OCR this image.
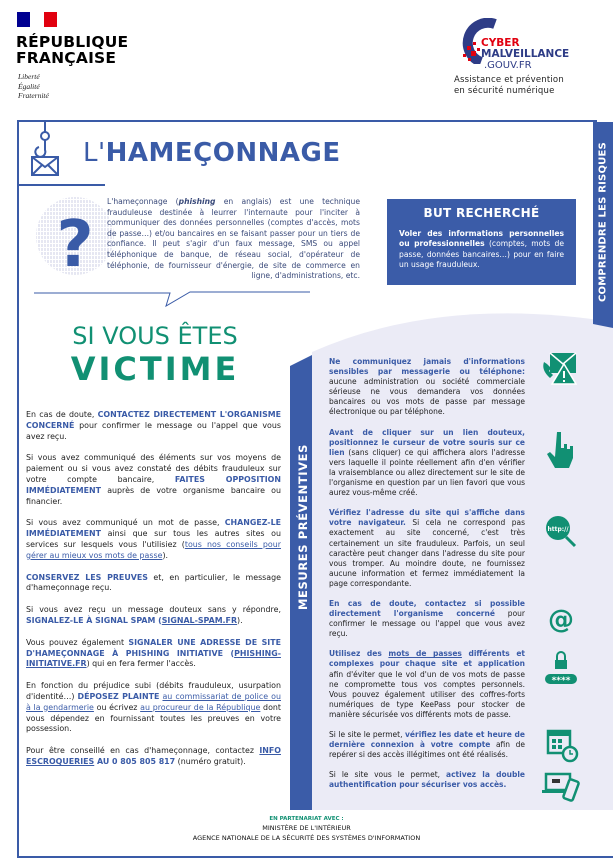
RÉPUBLIQUE
FRANÇAISE
Liberté
Égalité
Fraternité
CYBER
MALVEILLANCE
.GOUV.FR
Assistance et prévention
en sécurité numérique
L'HAMEÇONNAGE
?
L'hameçonnage (phishing en anglais) est une technique frauduleuse destinée à leurrer l'internaute pour l'inciter à communiquer des données personnelles (comptes d'accès, mots de passe…) et/ou bancaires en se faisant passer pour un tiers de confiance. Il peut s'agir d'un faux message, SMS ou appel téléphonique de banque, de réseau social, d'opérateur de téléphonie, de fournisseur d'énergie, de site de commerce en ligne, d'administrations, etc.
BUT RECHERCHÉ

Voler des informations personnelles ou professionnelles (comptes, mots de passe, données bancaires…) pour en faire un usage frauduleux.	COMPRENDRE LES RISQUES
MESURES PRÉVENTIVES
SI VOUS ÊTES
VICTIME

En cas de doute, CONTACTEZ DIRECTEMENT L'ORGANISME CONCERNÉ pour confirmer le message ou l'appel que vous avez reçu.

Si vous avez communiqué des éléments sur vos moyens de paiement ou si vous avez constaté des débits frauduleux sur votre compte bancaire, FAITES OPPOSITION IMMÉDIATEMENT auprès de votre organisme bancaire ou financier.

Si vous avez communiqué un mot de passe, CHANGEZ-LE IMMÉDIATEMENT ainsi que sur tous les autres sites ou services sur lesquels vous l'utilisiez (tous nos conseils pour gérer au mieux vos mots de passe).

CONSERVEZ LES PREUVES et, en particulier, le message d'hameçonnage reçu.

Si vous avez reçu un message douteux sans y répondre, SIGNALEZ-LE À SIGNAL SPAM (SIGNAL-SPAM.FR).

Vous pouvez également SIGNALER UNE ADRESSE DE SITE D'HAMEÇONNAGE À PHISHING INITIATIVE (PHISHING-INITIATIVE.FR) qui en fera fermer l'accès.

En fonction du préjudice subi (débits frauduleux, usurpation d'identité…) DÉPOSEZ PLAINTE au commissariat de police ou à la gendarmerie ou écrivez au procureur de la République dont vous dépendez en fournissant toutes les preuves en votre possession.

Pour être conseillé en cas d'hameçonnage, contactez INFO ESCROQUERIES AU 0 805 805 817 (numéro gratuit).

Ne communiquez jamais d'informations sensibles par messagerie ou téléphone: aucune administration ou société commerciale sérieuse ne vous demandera vos données bancaires ou vos mots de passe par message électronique ou par téléphone.
Avant de cliquer sur un lien douteux, positionnez le curseur de votre souris sur ce lien (sans cliquer) ce qui affichera alors l'adresse vers laquelle il pointe réellement afin d'en vérifier la vraisemblance ou allez directement sur le site de l'organisme en question par un lien favori que vous aurez vous-même créé.
Vérifiez l'adresse du site qui s'affiche dans votre navigateur. Si cela ne correspond pas exactement au site concerné, c'est très certainement un site frauduleux. Parfois, un seul caractère peut changer dans l'adresse du site pour vous tromper. Au moindre doute, ne fournissez aucune information et fermez immédiatement la page correspondante.
En cas de doute, contactez si possible directement l'organisme concerné pour confirmer le message ou l'appel que vous avez reçu.
Utilisez des mots de passes différents et complexes pour chaque site et application afin d'éviter que le vol d'un de vos mots de passe ne compromette tous vos comptes personnels. Vous pouvez également utiliser des coffres-forts numériques de type KeePass pour stocker de manière sécurisée vos différents mots de passe.
Si le site le permet, vérifiez les date et heure de dernière connexion à votre compte afin de repérer si des accès illégitimes ont été réalisés.
Si le site vous le permet, activez la double authentification pour sécuriser vos accès.
http://
@
****
EN PARTENARIAT AVEC :
MINISTÈRE DE L'INTÉRIEUR
AGENCE NATIONALE DE LA SÉCURITÉ DES SYSTÈMES D'INFORMATION
